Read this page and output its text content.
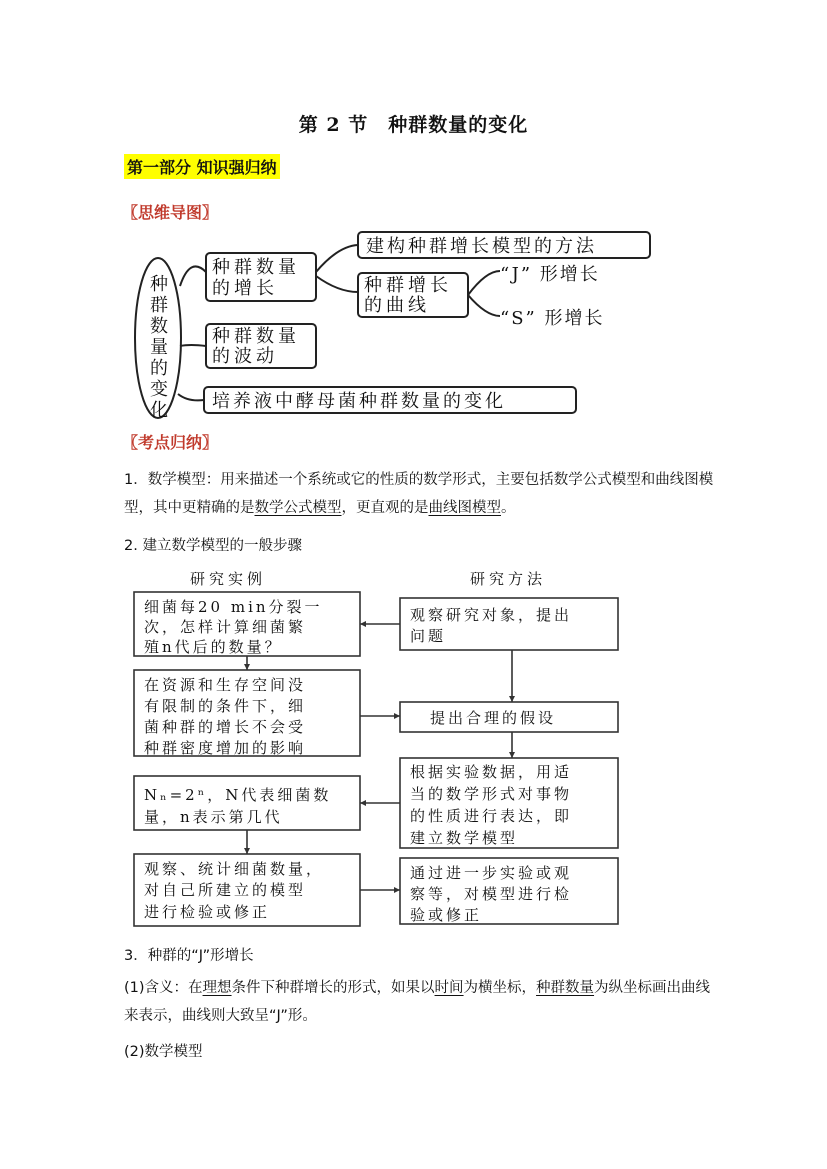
第 2 节　种群数量的变化
第一部分 知识强归纳
〖思维导图〗
种
群
数
量
的
变
化
种群数量
的增长
种群数量
的波动
培养液中酵母菌种群数量的变化
建构种群增长模型的方法
种群增长
的曲线
“J” 形增长
“S” 形增长
〖考点归纳〗
1．数学模型：用来描述一个系统或它的性质的数学形式，主要包括数学公式模型和曲线图模型，其中更精确的是数学公式模型，更直观的是曲线图模型。
2. 建立数学模型的一般步骤
研究实例	研究方法
细菌每20 min分裂一
次，怎样计算细菌繁
殖n代后的数量？
在资源和生存空间没
有限制的条件下，细
菌种群的增长不会受
种群密度增加的影响
Nₙ=2ⁿ，N代表细菌数
量，n表示第几代
观察、统计细菌数量，
对自己所建立的模型
进行检验或修正
观察研究对象，提出
问题
提出合理的假设
根据实验数据，用适
当的数学形式对事物
的性质进行表达，即
建立数学模型
通过进一步实验或观
察等，对模型进行检
验或修正
3．种群的“J”形增长
(1)含义：在理想条件下种群增长的形式，如果以时间为横坐标，种群数量为纵坐标画出曲线来表示，曲线则大致呈“J”形。
(2)数学模型
